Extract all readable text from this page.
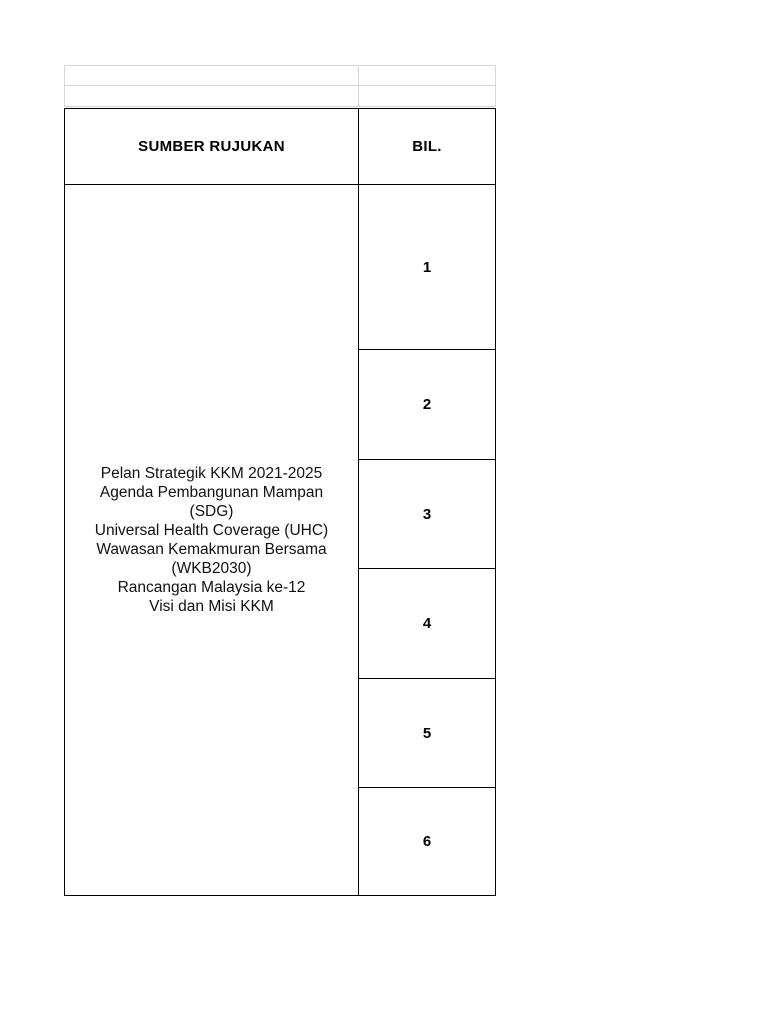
SUMBER RUJUKAN	BIL.
Pelan Strategik KKM 2021-2025
Agenda Pembangunan Mampan
(SDG)
Universal Health Coverage (UHC)
Wawasan Kemakmuran Bersama
(WKB2030)
Rancangan Malaysia ke-12
Visi dan Misi KKM
1
2
3
4
5
6
